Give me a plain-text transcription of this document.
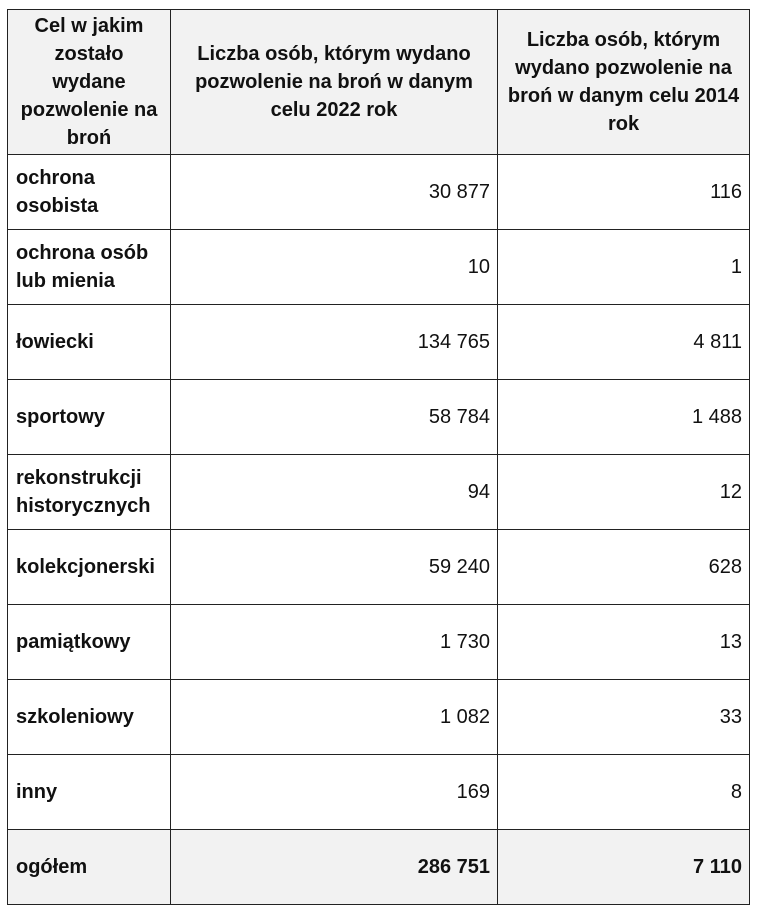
Cel w jakim zostało wydane pozwolenie na broń	Liczba osób, którym wydano pozwolenie na broń w danym celu 2022 rok	Liczba osób, którym wydano pozwolenie na broń w danym celu 2014 rok
ochrona osobista	30 877	116
ochrona osób lub mienia	10	1
łowiecki	134 765	4 811
sportowy	58 784	1 488
rekonstrukcji historycznych	94	12
kolekcjonerski	59 240	628
pamiątkowy	1 730	13
szkoleniowy	1 082	33
inny	169	8
ogółem	286 751	7 110
